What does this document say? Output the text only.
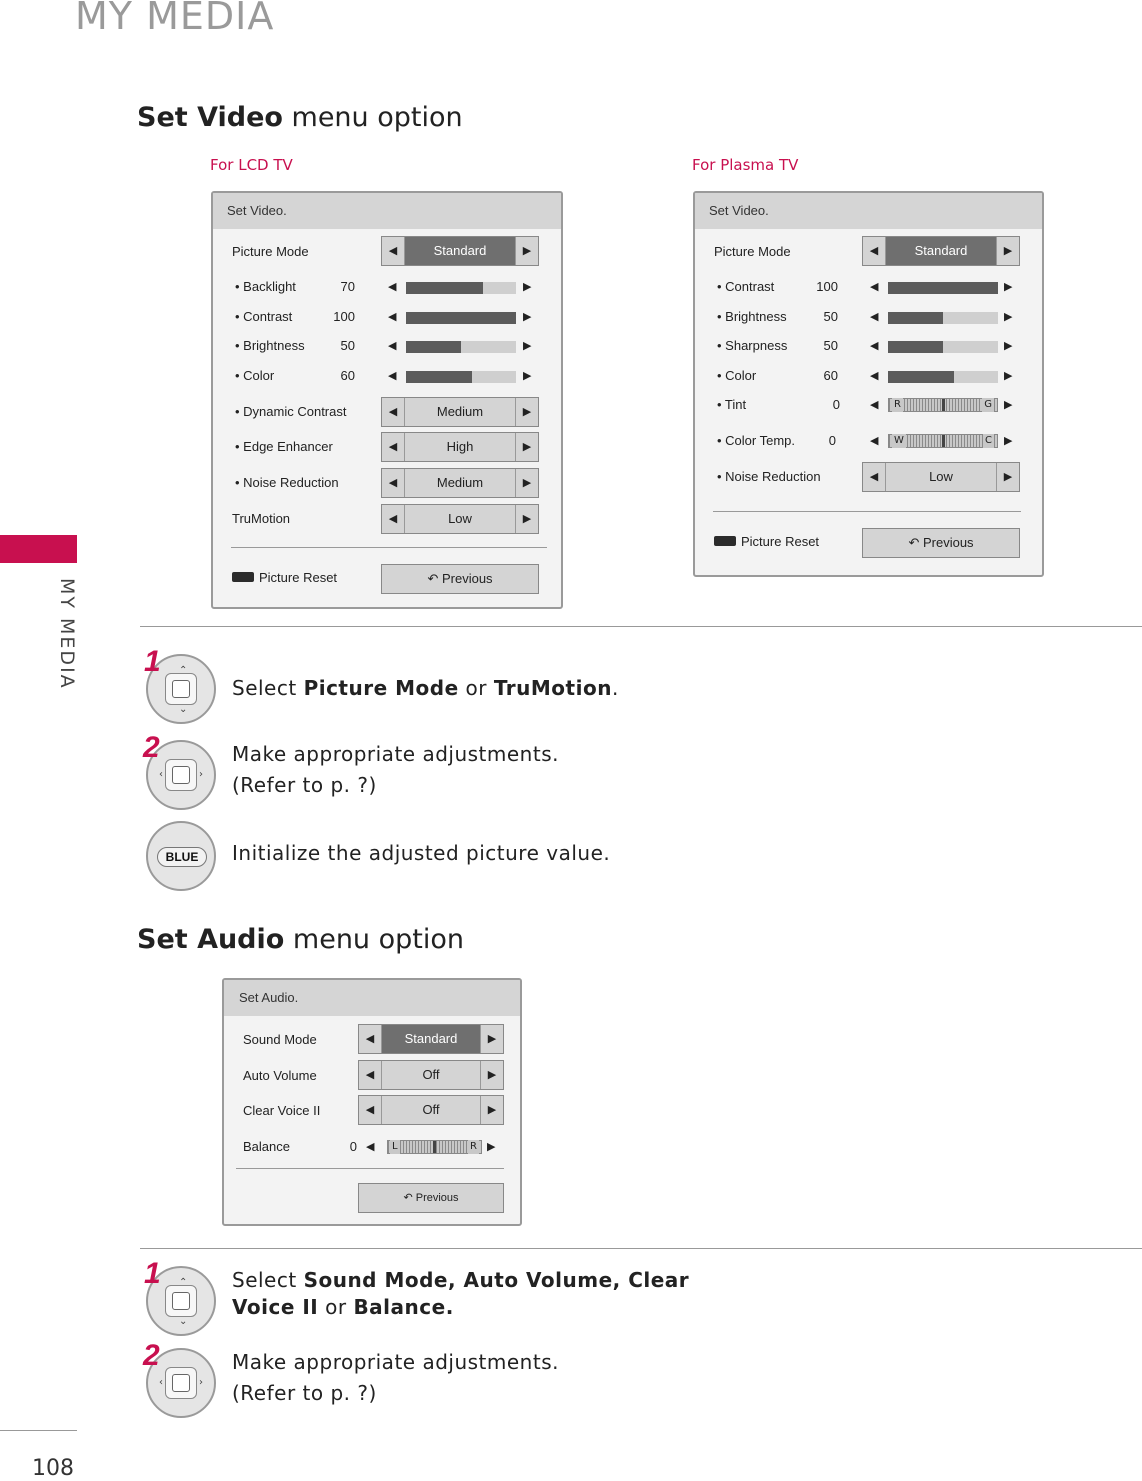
MY MEDIA
MY MEDIA
108
Set Video menu option
For LCD TV	For Plasma TV
Set Video.
Picture Mode	◀	Standard	▶
• Backlight	70	◀	▶
• Contrast	100	◀	▶
• Brightness	50	◀	▶
• Color	60	◀	▶
• Dynamic Contrast	◀	Medium	▶
• Edge Enhancer	◀	High	▶
• Noise Reduction	◀	Medium	▶
TruMotion	◀	Low	▶
Picture Reset	↶ Previous
Set Video.
Picture Mode	◀	Standard	▶
• Contrast	100	◀	▶
• Brightness	50	◀	▶
• Sharpness	50	◀	▶
• Color	60	◀	▶
• Tint	0	◀ R	G ▶
• Color Temp.	0	◀ W	C ▶
• Noise Reduction	◀	Low	▶
Picture Reset	↶ Previous
⌃
⌄
1
Select Picture Mode or TruMotion.
‹	›
2	Make appropriate adjustments.
(Refer to p. ?)
BLUE	Initialize the adjusted picture value.
Set Audio menu option
Set Audio.
Sound Mode	◀	Standard	▶
Auto Volume	◀	Off	▶
Clear Voice II	◀	Off	▶
Balance	0 ◀ L	R ▶
↶ Previous
⌃
⌄
1	Select Sound Mode, Auto Volume, Clear
Voice II or Balance.
‹	›
2	Make appropriate adjustments.
(Refer to p. ?)
